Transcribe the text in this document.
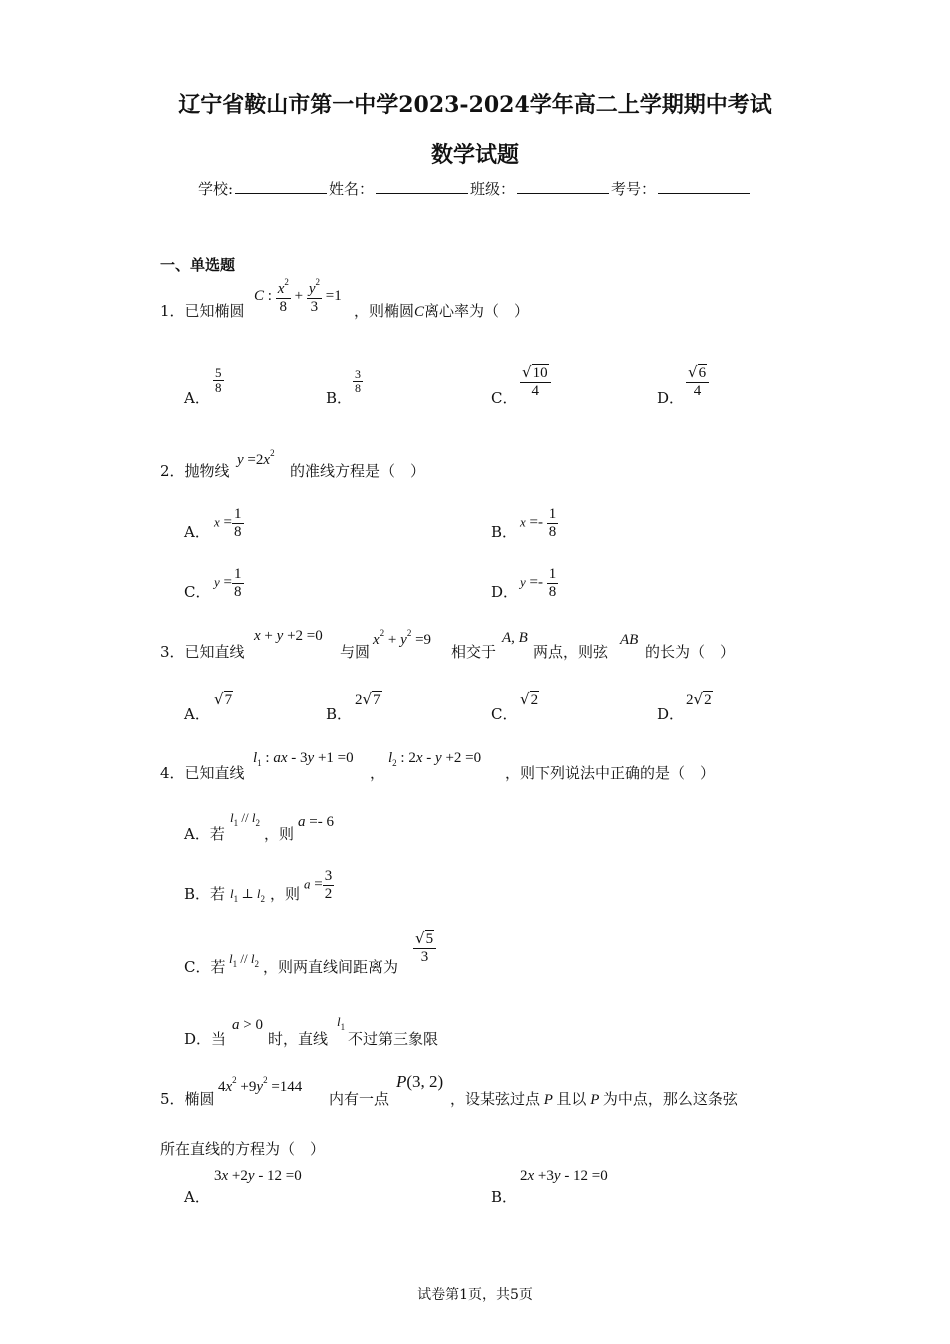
辽宁省鞍山市第一中学2023-2024学年高二上学期期中考试
数学试题
学校:	姓名：	班级：	考号：
一、单选题
1．已知椭圆
C : $\frac{x^2}{8} + \frac{y^2}{3} =1$
，则椭圆C离心率为（　）
A．
$\frac{5}{8}$
B．
$\frac{3}{8}$
C． $\frac{√10}{4}$	D． $\frac{√6}{4}$
2．抛物线
$y =2x^2$
的准线方程是（　）
A．
$x = \frac{1}{8}$	B．
$x =- \frac{1}{8}$
C．
$y = \frac{1}{8}$	D．
$y =- \frac{1}{8}$
3．已知直线
x + y +2 =0
与圆
$x^2 + y^2 =9$
相交于
A, B
两点，则弦
AB
的长为（　）
A．
√7
B．
2√7
C．
√2
D．
2√2
4．已知直线
$l_1$ : ax - 3y +1 =0
，
$l_2$ : 2x - y +2 =0
，则下列说法中正确的是（　）
A．若
$l_1 // l_2$
，则
a =- 6
B．若 $l_1$ ⊥ $l_2$ ，则
$a = \frac{3}{2}$
C．若 $l_1 // l_2$ ，则两直线间距离为
$\frac{√5}{3}$
D．当
a > 0
时，直线
$l_1$
不过第三象限
5．椭圆
$4x^2 +9y^2 =144$
内有一点
P(3, 2)
，设某弦过点 P 且以 P 为中点，那么这条弦
所在直线的方程为（　）
A．
3x +2y - 12 =0
B．
2x +3y - 12 =0
试卷第1页，共5页
